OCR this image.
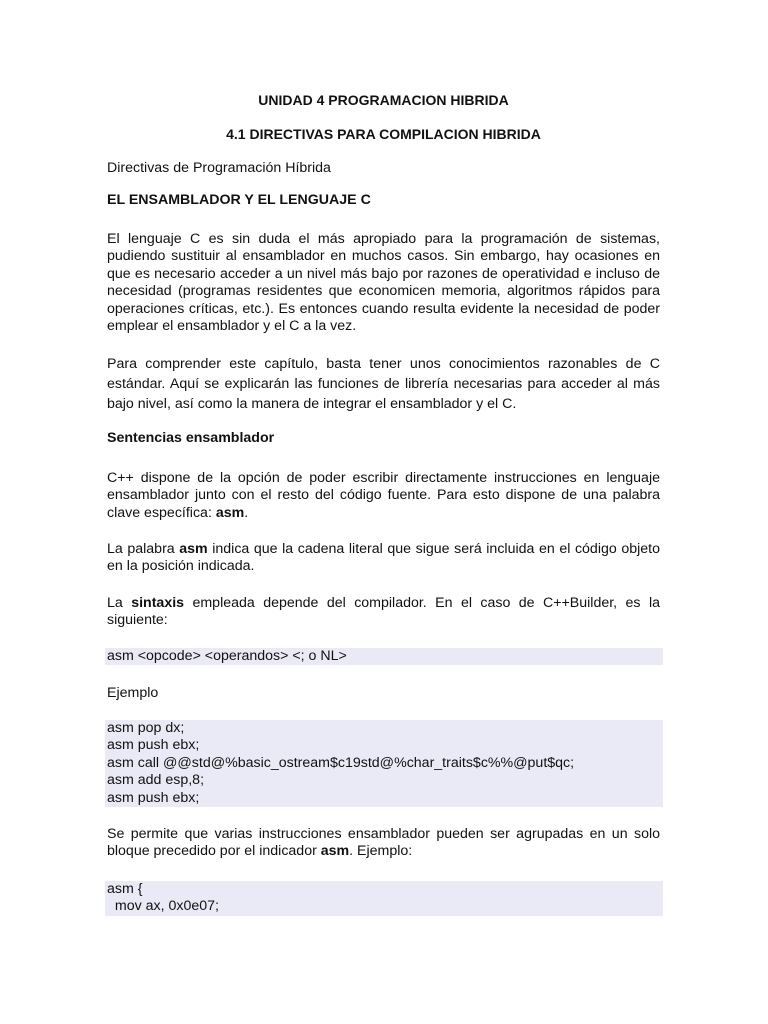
UNIDAD 4 PROGRAMACION HIBRIDA
4.1 DIRECTIVAS PARA COMPILACION HIBRIDA
Directivas de Programación Híbrida
EL ENSAMBLADOR Y EL LENGUAJE C
El lenguaje C es sin duda el más apropiado para la programación de sistemas, pudiendo sustituir al ensamblador en muchos casos. Sin embargo, hay ocasiones en que es necesario acceder a un nivel más bajo por razones de operatividad e incluso de necesidad (programas residentes que economicen memoria, algoritmos rápidos para operaciones críticas, etc.). Es entonces cuando resulta evidente la necesidad de poder emplear el ensamblador y el C a la vez.
Para comprender este capítulo, basta tener unos conocimientos razonables de C estándar. Aquí se explicarán las funciones de librería necesarias para acceder al más bajo nivel, así como la manera de integrar el ensamblador y el C.
Sentencias ensamblador
C++ dispone de la opción de poder escribir directamente instrucciones en lenguaje ensamblador junto con el resto del código fuente. Para esto dispone de una palabra clave específica: asm.
La palabra asm indica que la cadena literal que sigue será incluida en el código objeto en la posición indicada.
La sintaxis empleada depende del compilador. En el caso de C++Builder, es la siguiente:
asm <opcode> <operandos> <; o NL>
Ejemplo
asm pop dx;
asm push ebx;
asm call @@std@%basic_ostream$c19std@%char_traits$c%%@put$qc;
asm add esp,8;
asm push ebx;
Se permite que varias instrucciones ensamblador pueden ser agrupadas en un solo bloque precedido por el indicador asm. Ejemplo:
asm {
mov ax, 0x0e07;
